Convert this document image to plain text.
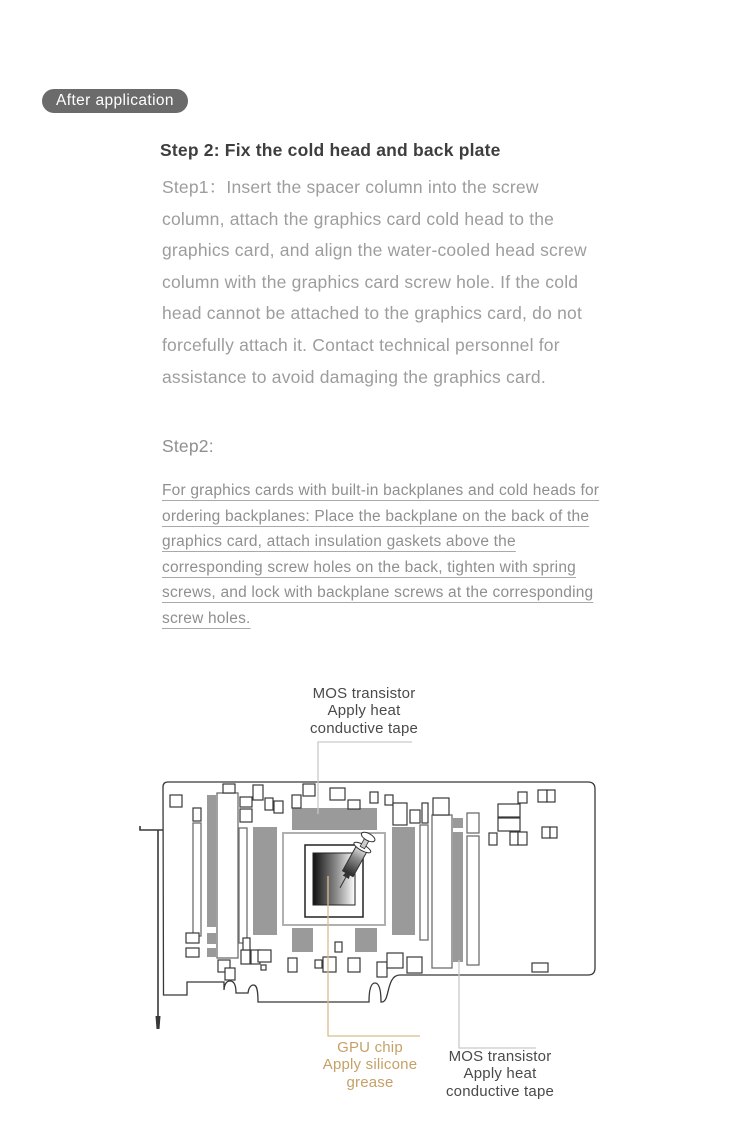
After application
Step 2: Fix the cold head and back plate
Step1：Insert the spacer column into the screw column, attach the graphics card cold head to the graphics card, and align the water-cooled head screw column with the graphics card screw hole. If the cold head cannot be attached to the graphics card, do not forcefully attach it. Contact technical personnel for assistance to avoid damaging the graphics card.
Step2:
For graphics cards with built-in backplanes and cold heads for ordering backplanes: Place the backplane on the back of the graphics card, attach insulation gaskets above the corresponding screw holes on the back, tighten with spring screws, and lock with backplane screws at the corresponding screw holes.
MOS transistor
Apply heat
conductive tape
GPU chip
Apply silicone
grease
MOS transistor
Apply heat
conductive tape
